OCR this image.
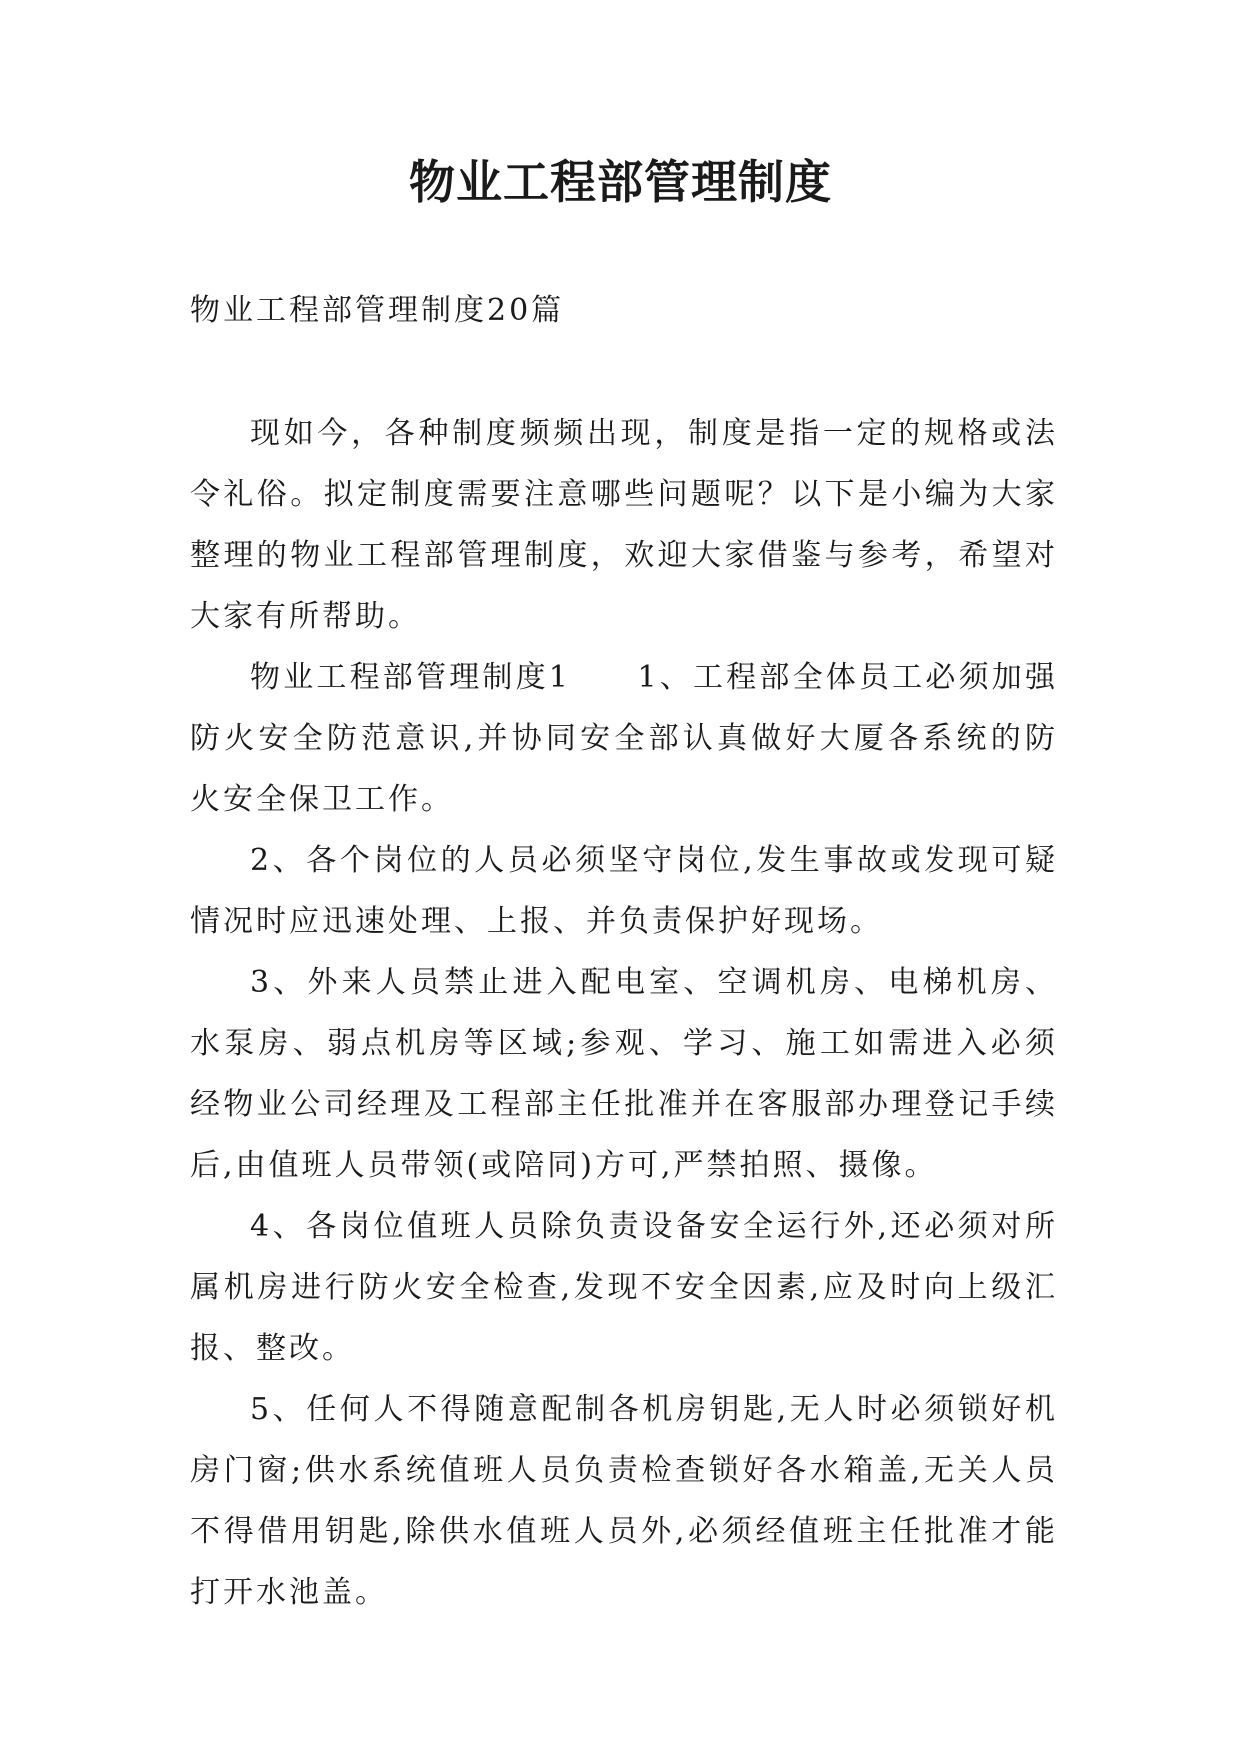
物业工程部管理制度

物业工程部管理制度20篇

现如今，各种制度频频出现，制度是指一定的规格或法令礼俗。拟定制度需要注意哪些问题呢？以下是小编为大家整理的物业工程部管理制度，欢迎大家借鉴与参考，希望对大家有所帮助。

物业工程部管理制度1　　1、工程部全体员工必须加强防火安全防范意识,并协同安全部认真做好大厦各系统的防火安全保卫工作。

2、各个岗位的人员必须坚守岗位,发生事故或发现可疑情况时应迅速处理、上报、并负责保护好现场。

3、外来人员禁止进入配电室、空调机房、电梯机房、水泵房、弱点机房等区域;参观、学习、施工如需进入必须经物业公司经理及工程部主任批准并在客服部办理登记手续后,由值班人员带领(或陪同)方可,严禁拍照、摄像。

4、各岗位值班人员除负责设备安全运行外,还必须对所属机房进行防火安全检查,发现不安全因素,应及时向上级汇报、整改。

5、任何人不得随意配制各机房钥匙,无人时必须锁好机房门窗;供水系统值班人员负责检查锁好各水箱盖,无关人员不得借用钥匙,除供水值班人员外,必须经值班主任批准才能打开水池盖。
